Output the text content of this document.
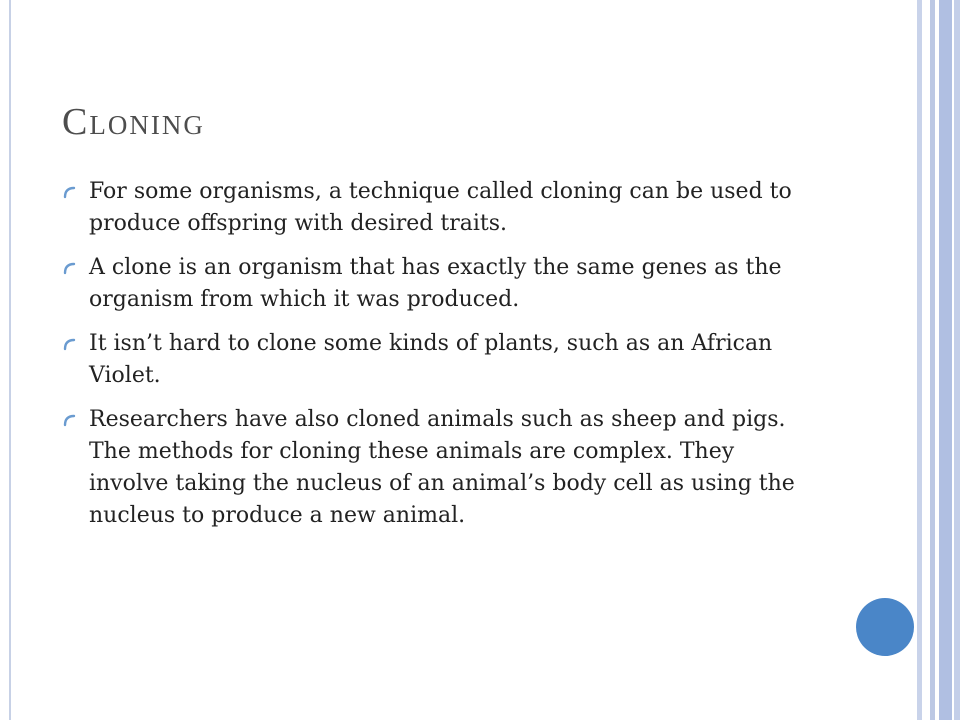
Cloning
For some organisms, a technique called cloning can be used to produce offspring with desired traits.
A clone is an organism that has exactly the same genes as the organism from which it was produced.
It isn’t hard to clone some kinds of plants, such as an African Violet.
Researchers have also cloned animals such as sheep and pigs. The methods for cloning these animals are complex. They involve taking the nucleus of an animal’s body cell as using the nucleus to produce a new animal.
